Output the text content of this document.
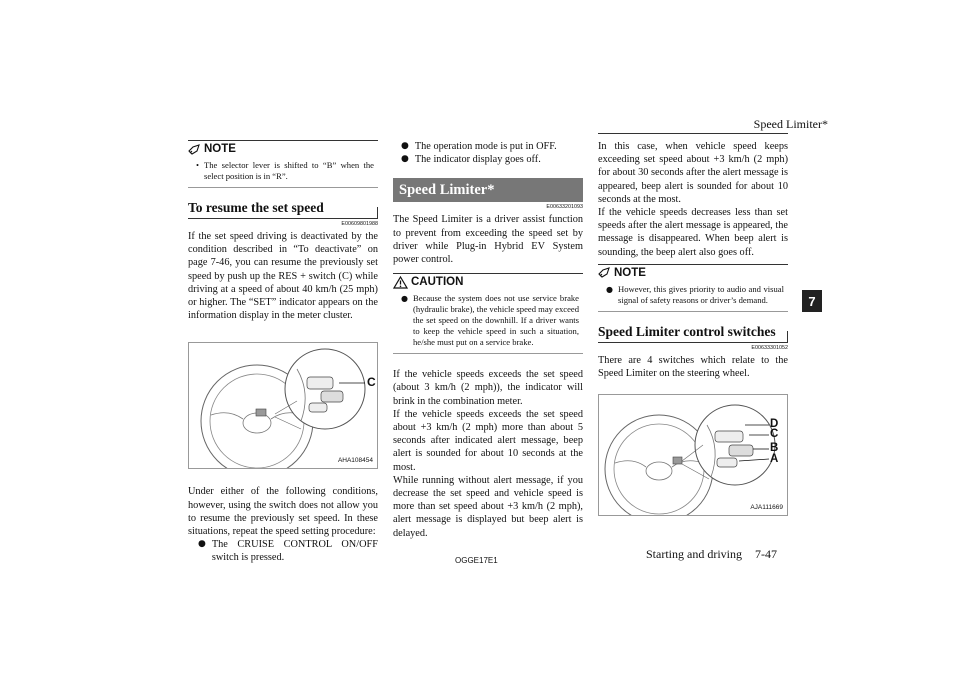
Speed Limiter*
7
NOTE
• The selector lever is shifted to “B” when the select position is in “R”.
To resume the set speed
E00609801988

If the set speed driving is deactivated by the condition described in “To deactivate” on page 7-46, you can resume the previously set speed by push up the RES + switch (C) while driving at a speed of about 40 km/h (25 mph) or higher. The “SET” indicator appears on the information display in the meter cluster.

C
AHA108454

Under either of the following conditions, however, using the switch does not allow you to resume the previously set speed. In these situations, repeat the speed setting procedure:

● The CRUISE CONTROL ON/OFF switch is pressed.
● The operation mode is put in OFF.
● The indicator display goes off.
Speed Limiter*
E00633201093

The Speed Limiter is a driver assist function to prevent from exceeding the speed set by driver while Plug-in Hybrid EV System power control.

CAUTION
● Because the system does not use service brake (hydraulic brake), the vehicle speed may exceed the set speed on the downhill. If a driver wants to keep the vehicle speed in such a situation, he/she must put on a service brake.

If the vehicle speeds exceeds the set speed (about 3 km/h (2 mph)), the indicator will brink in the combination meter.

If the vehicle speeds exceeds the set speed about +3 km/h (2 mph) more than about 5 seconds after indicated alert message, beep alert is sounded for about 10 seconds at the most.

While running without alert message, if you decrease the set speed and vehicle speed is more than set speed about +3 km/h (2 mph), alert message is displayed but beep alert is delayed.

In this case, when vehicle speed keeps exceeding set speed about +3 km/h (2 mph) for about 30 seconds after the alert message is appeared, beep alert is sounded for about 10 seconds at the most.

If the vehicle speeds decreases less than set speeds after the alert message is appeared, the message is disappeared. When beep alert is sounding, the beep alert also goes off.

NOTE
● However, this gives priority to audio and visual signal of safety reasons or driver’s demand.
Speed Limiter control switches
E00633301052

There are 4 switches which relate to the Speed Limiter on the steering wheel.

D
C
B
A
AJA111669
OGGE17E1	Starting and driving 7-47
